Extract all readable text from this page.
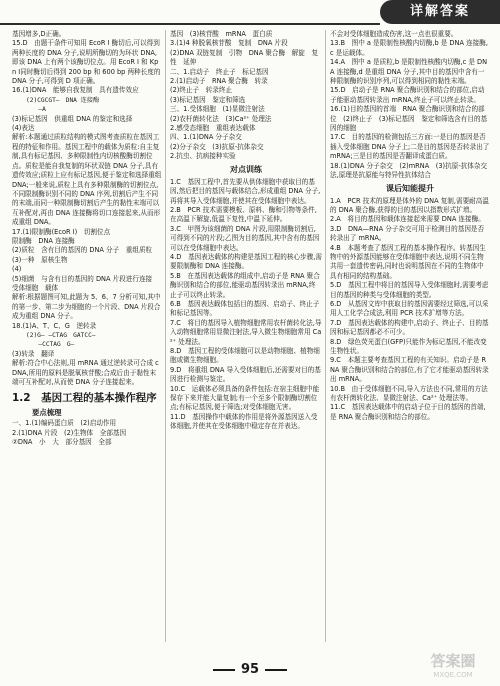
详解答案

基因增多,D正确。

15.D　由题干条件可知用 EcoR Ⅰ 酶切后,可以得到两种长度的 DNA 分子,说明所酶切的为环状 DNA,即该 DNA 上有两个该酶切位点。用 EcoR Ⅰ 和 Kpn Ⅰ同时酶切后得到 200 bp 和 600 bp 两种长度的 DNA 分子,可得到 D 项正确。

16.(1)DNA　能够自我复制　具有遗传效应

(2)CGCGT—　DNA 连接酶

　　—A

(3)标记基因　供重组 DNA 的鉴定和选择

(4)表达

解析:本题通过质粒结构的模式图考查质粒在基因工程的特征和作用。基因工程中的载体为质粒:自主复制,具有标记基因、多种限制性内切核酸酶切割位点。质粒是能自我复制的环状双链 DNA 分子,具有遗传效应;质粒上应有标记基因,便于鉴定和选择重组 DNA;一般来说,质粒上具有多种限制酶的切割位点,不同限制酶识别不同的 DNA 序列,切割后产生不同的末端,而同一种限制酶切割后产生的黏性末端可以互补配对,再由 DNA 连接酶将切口连接起来,从而形成重组 DNA。

17.(1)限制酶(EcoR Ⅰ)　切割位点

限制酶　DNA 连接酶

(2)质粒　含有目的基因的 DNA 分子　重组质粒

(3)一种　原核生物

(4)

(5)细菌　与含有目的基因的 DNA 片段进行连接　受体细胞　载体

解析:根据题图可知,此题为 5、6、7 分析可知,其中的第一步、第二步为细胞的一个片段、DNA 片段合成为重组 DNA 分子。

18.(1)A、T、C、G　逆转录

(2)G— —CTAG　GATCC—

　　—CCTAG　G—

(3)转录　翻译

解析:符合中心法则,用 mRNA 通过逆转录可合成 cDNA,所用的原料是脱氧核苷酸;合成后由于黏性末端可互补配对,从而使 DNA 分子连接起来。

1.2　基因工程的基本操作程序

要点梳理

一、1.(1)编码蛋白质　(2)启动作用

2.(1)DNA 片段　(2)生物体　全部基因

②DNA　小　大　部分基因　全部

基因　(3)核苷酸　mRNA　蛋白质

3.(1)4 种脱氧核苷酸　复制　DNA 片段

(2)DNA 双链复制　引物　DNA 聚合酶　解旋　复性　延伸

二、1.启动子　终止子　标记基因

2.(1)启动子　RNA 聚合酶　转录

(2)终止子　转录终止

(3)标记基因　鉴定和筛选

三、1.受体细胞　(1)显微注射法

(2)农杆菌转化法　(3)Ca²⁺ 处理法

2.感受态细胞　重组表达载体

四、1.(1)DNA 分子杂交

(2)分子杂交　(3)抗原-抗体杂交

2.抗虫、抗病接种实验

对点训练

1.C　基因工程中,首先要从供体细胞中获取目的基因,然后把目的基因与载体结合,形成重组 DNA 分子,再将其导入受体细胞,并使其在受体细胞中表达。

2.B　PCR 技术需要模板、原料、酶和引物等条件,在高温下解旋,低温下复性,中温下延伸。

3.C　甲图为该细菌的 DNA 片段,用限制酶切割后,可得到不同的片段;乙图为目的基因,其中含有的基因可以在受体细胞中表达。

4.D　基因表达载体的构建是基因工程的核心步骤,需要限制酶和 DNA 连接酶。

5.B　在基因表达载体的组成中,启动子是 RNA 聚合酶识别和结合的部位,能驱动基因转录出 mRNA,终止子可以终止转录。

6.B　基因表达载体包括目的基因、启动子、终止子和标记基因等。

7.C　将目的基因导入植物细胞常用农杆菌转化法,导入动物细胞常用显微注射法,导入微生物细胞常用 Ca²⁺ 处理法。

8.D　基因工程的受体细胞可以是动物细胞、植物细胞或微生物细胞。

9.D　将重组 DNA 导入受体细胞后,还需要对目的基因进行检测与鉴定。

10.C　运载体必须具备的条件包括:在宿主细胞中能保存下来并能大量复制;有一个至多个限制酶切割位点;有标记基因,便于筛选;对受体细胞无害。

11.D　基因操作中载体的作用是将外源基因送入受体细胞,并使其在受体细胞中稳定存在并表达。

不会对受体细胞造成伤害,这一点也很重要。

13.B　图中 a 是限制性核酸内切酶,b 是 DNA 连接酶,c 是运载体。

14.A　图中 a 是质粒,b 是限制性核酸内切酶,c 是 DNA 连接酶,d 是重组 DNA 分子,其中目的基因中含有一种限制酶的识别序列,可以得到相同的黏性末端。

15.D　启动子是 RNA 聚合酶识别和结合的部位,启动子能驱动基因转录出 mRNA,终止子可以终止转录。

16.(1)目的基因的首端　RNA 聚合酶识别和结合的部位　(2)终止子　(3)标记基因　鉴定和筛选含有目的基因的细胞

17.C　目的基因的检测包括三方面:一是目的基因是否插入受体细胞 DNA 分子上;二是目的基因是否转录出了 mRNA;三是目的基因是否翻译成蛋白质。

18.(1)DNA 分子杂交　(2)mRNA　(3)抗原-抗体杂交法,原理是抗原能与特异性抗体结合

课后知能提升

1.A　PCR 技术的原理是体外的 DNA 复制,需要耐高温的 DNA 聚合酶,获得的目的基因以指数形式扩增。

2.A　将目的基因和载体连接起来需要 DNA 连接酶。

3.D　DNA—RNA 分子杂交可用于检测目的基因是否转录出了 mRNA。

4.B　本题考查了基因工程的基本操作程序。转基因生物中的外源基因能够在受体细胞中表达,说明不同生物共用一套遗传密码,同时也说明基因在不同的生物体中具有相同的结构基础。

5.D　基因工程中将目的基因导入受体细胞时,需要考虑目的基因的种类与受体细胞的类型。

6.D　从基因文库中获取目的基因需要经过筛选,可以采用人工化学合成法,利用 PCR 技术扩增等方法。

7.D　基因表达载体的构建中,启动子、终止子、目的基因和标记基因都必不可少。

8.D　绿色荧光蛋白(GFP)只能作为标记基因,不能改变生物性状。

9.C　本题主要考查基因工程的有关知识。启动子是 RNA 聚合酶识别和结合的部位,有了它才能驱动基因转录出 mRNA。

10.B　由于受体细胞不同,导入方法也不同,常用的方法有农杆菌转化法、显微注射法、Ca²⁺ 处理法等。

11.C　基因表达载体中的启动子位于目的基因的首端,是 RNA 聚合酶识别和结合的部位。

95	答案圈
MXQE.COM
